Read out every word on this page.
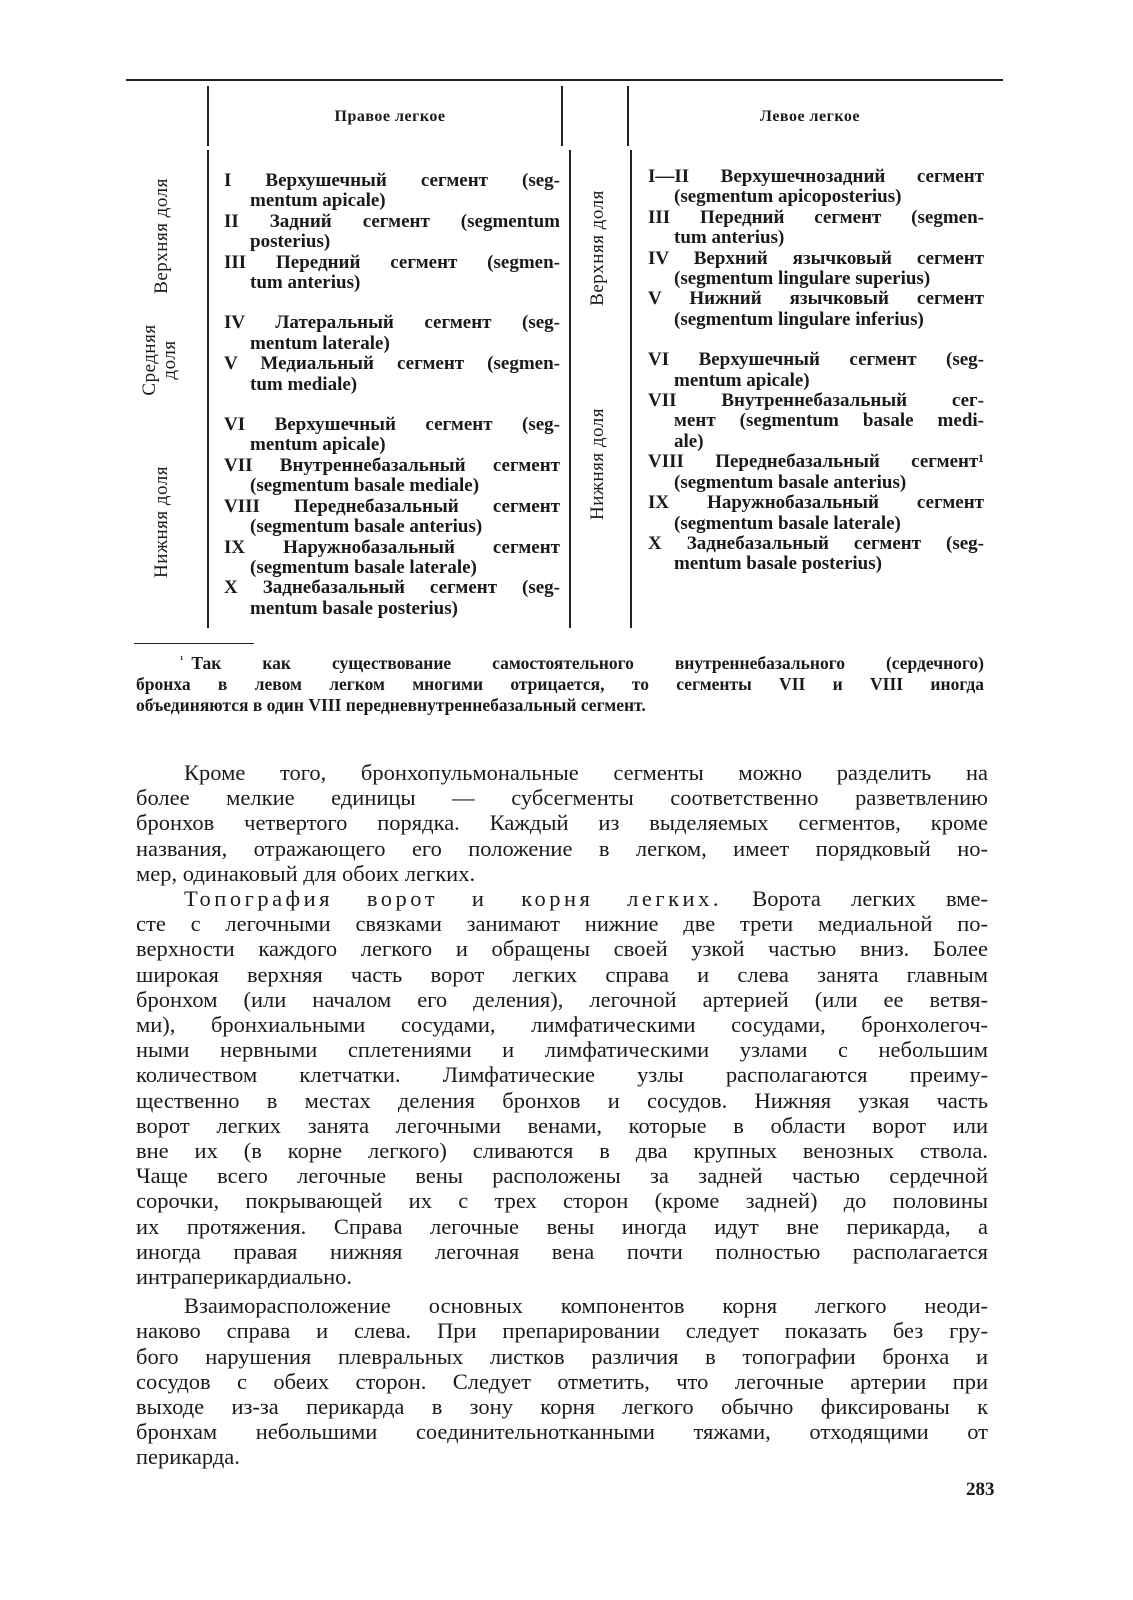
Правое легкое	Левое легкое
Верхняя доля
Средняя доля
Нижняя доля
Верхняя доля
Нижняя доля
I Верхушечный сегмент (seg-
mentum apicale)
II Задний сегмент (segmentum
posterius)
III Передний сегмент (segmen-
tum anterius)
IV Латеральный сегмент (seg-
mentum laterale)
V Медиальный сегмент (segmen-
tum mediale)
VI Верхушечный сегмент (seg-
mentum apicale)
VII Внутреннебазальный сегмент
(segmentum basale mediale)
VIII Переднебазальный сегмент
(segmentum basale anterius)
IX Наружнобазальный сегмент
(segmentum basale laterale)
X Заднебазальный сегмент (seg-
mentum basale posterius)
I—II Верхушечнозадний сегмент
(segmentum apicoposterius)
III Передний сегмент (segmen-
tum anterius)
IV Верхний язычковый сегмент
(segmentum lingulare superius)
V Нижний язычковый сегмент
(segmentum lingulare inferius)
VI Верхушечный сегмент (seg-
mentum apicale)
VII Внутреннебазальный сег-
мент (segmentum basale medi-
ale)
VIII Переднебазальный сегмент¹
(segmentum basale anterius)
IX Наружнобазальный сегмент
(segmentum basale laterale)
X Заднебазальный сегмент (seg-
mentum basale posterius)
$^{^1}$ Так как существование самостоятельного внутреннебазального (сердечного)
бронха в левом легком многими отрицается, то сегменты VII и VIII иногда
объединяются в один VIII передневнутреннебазальный сегмент.
Кроме того, бронхопульмональные сегменты можно разделить на
более мелкие единицы — субсегменты соответственно разветвлению
бронхов четвертого порядка. Каждый из выделяемых сегментов, кроме
названия, отражающего его положение в легком, имеет порядковый но-
мер, одинаковый для обоих легких.
Топография ворот и корня легких. Ворота легких вме-
сте с легочными связками занимают нижние две трети медиальной по-
верхности каждого легкого и обращены своей узкой частью вниз. Более
широкая верхняя часть ворот легких справа и слева занята главным
бронхом (или началом его деления), легочной артерией (или ее ветвя-
ми), бронхиальными сосудами, лимфатическими сосудами, бронхолегоч-
ными нервными сплетениями и лимфатическими узлами с небольшим
количеством клетчатки. Лимфатические узлы располагаются преиму-
щественно в местах деления бронхов и сосудов. Нижняя узкая часть
ворот легких занята легочными венами, которые в области ворот или
вне их (в корне легкого) сливаются в два крупных венозных ствола.
Чаще всего легочные вены расположены за задней частью сердечной
сорочки, покрывающей их с трех сторон (кроме задней) до половины
их протяжения. Справа легочные вены иногда идут вне перикарда, а
иногда правая нижняя легочная вена почти полностью располагается
интраперикардиально.
Взаиморасположение основных компонентов корня легкого неоди-
наково справа и слева. При препарировании следует показать без гру-
бого нарушения плевральных листков различия в топографии бронха и
сосудов с обеих сторон. Следует отметить, что легочные артерии при
выходе из-за перикарда в зону корня легкого обычно фиксированы к
бронхам небольшими соединительнотканными тяжами, отходящими от
перикарда.
283
